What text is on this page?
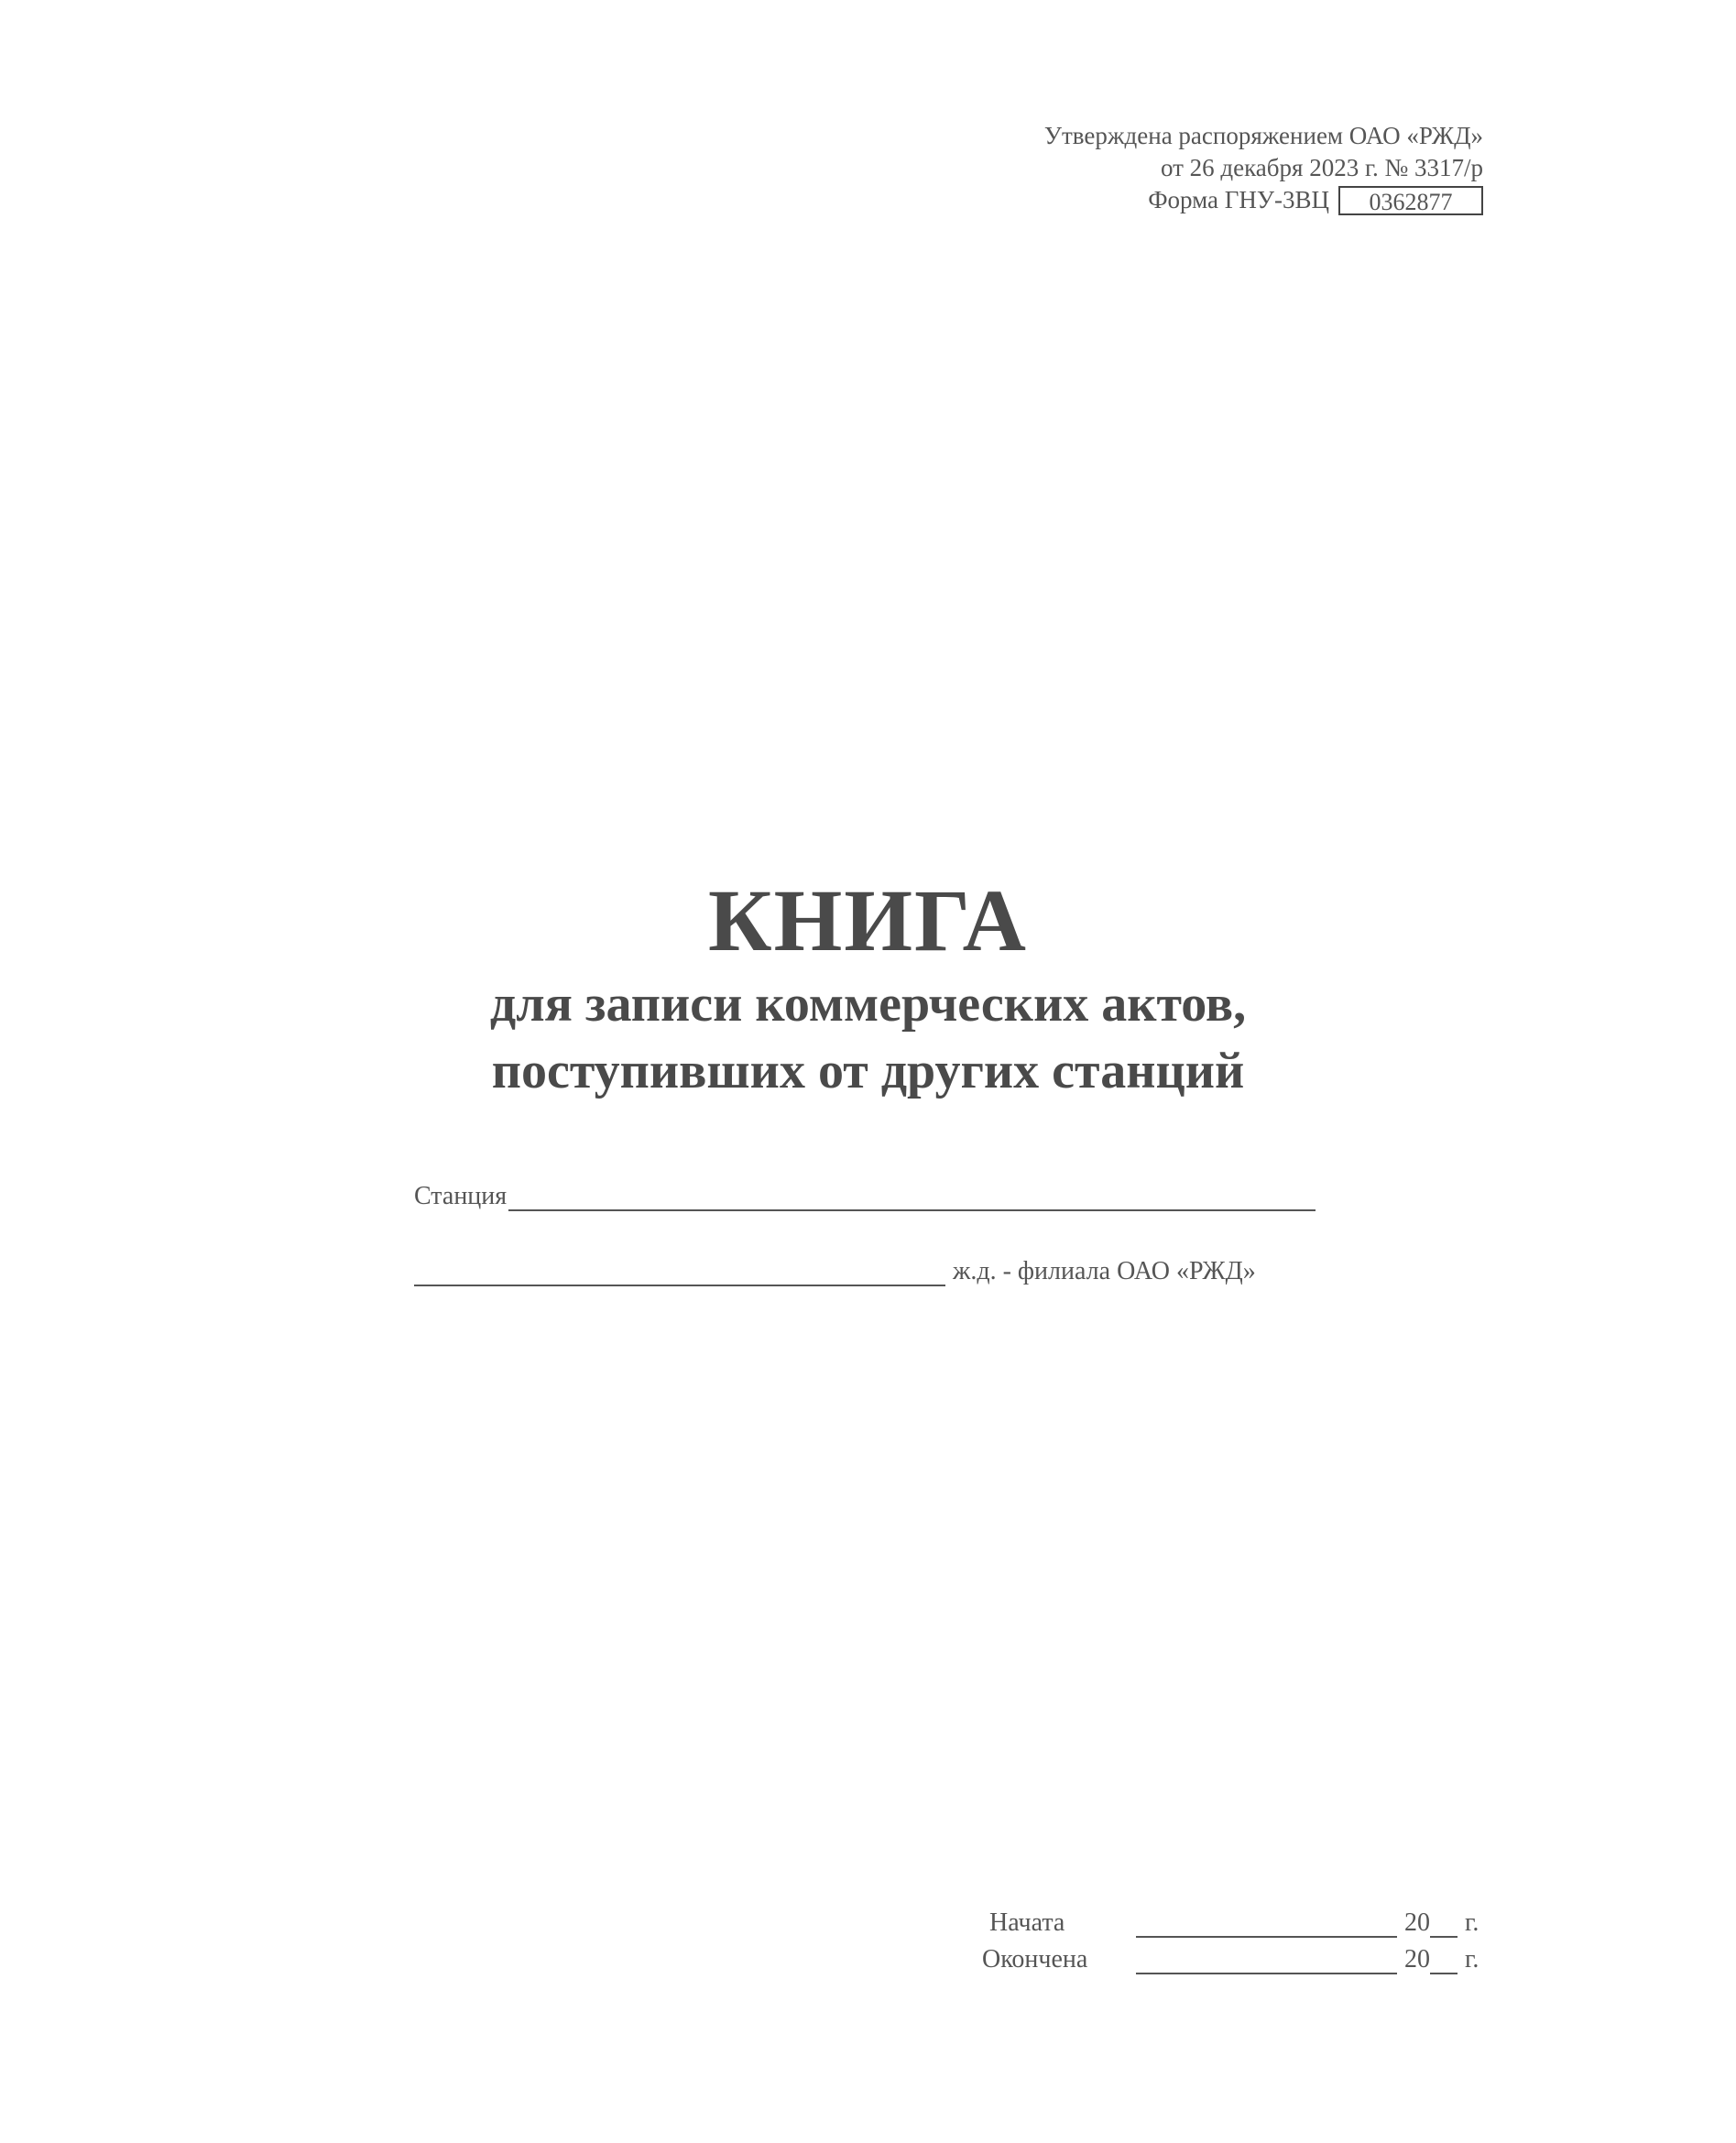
Утверждена распоряжением ОАО «РЖД»
от 26 декабря 2023 г. № 3317/р
Форма ГНУ-3ВЦ	0362877
КНИГА
для записи коммерческих актов,
поступивших от других станций
Станция
ж.д. - филиала ОАО «РЖД»
Начата	20 г.
Окончена	20 г.
